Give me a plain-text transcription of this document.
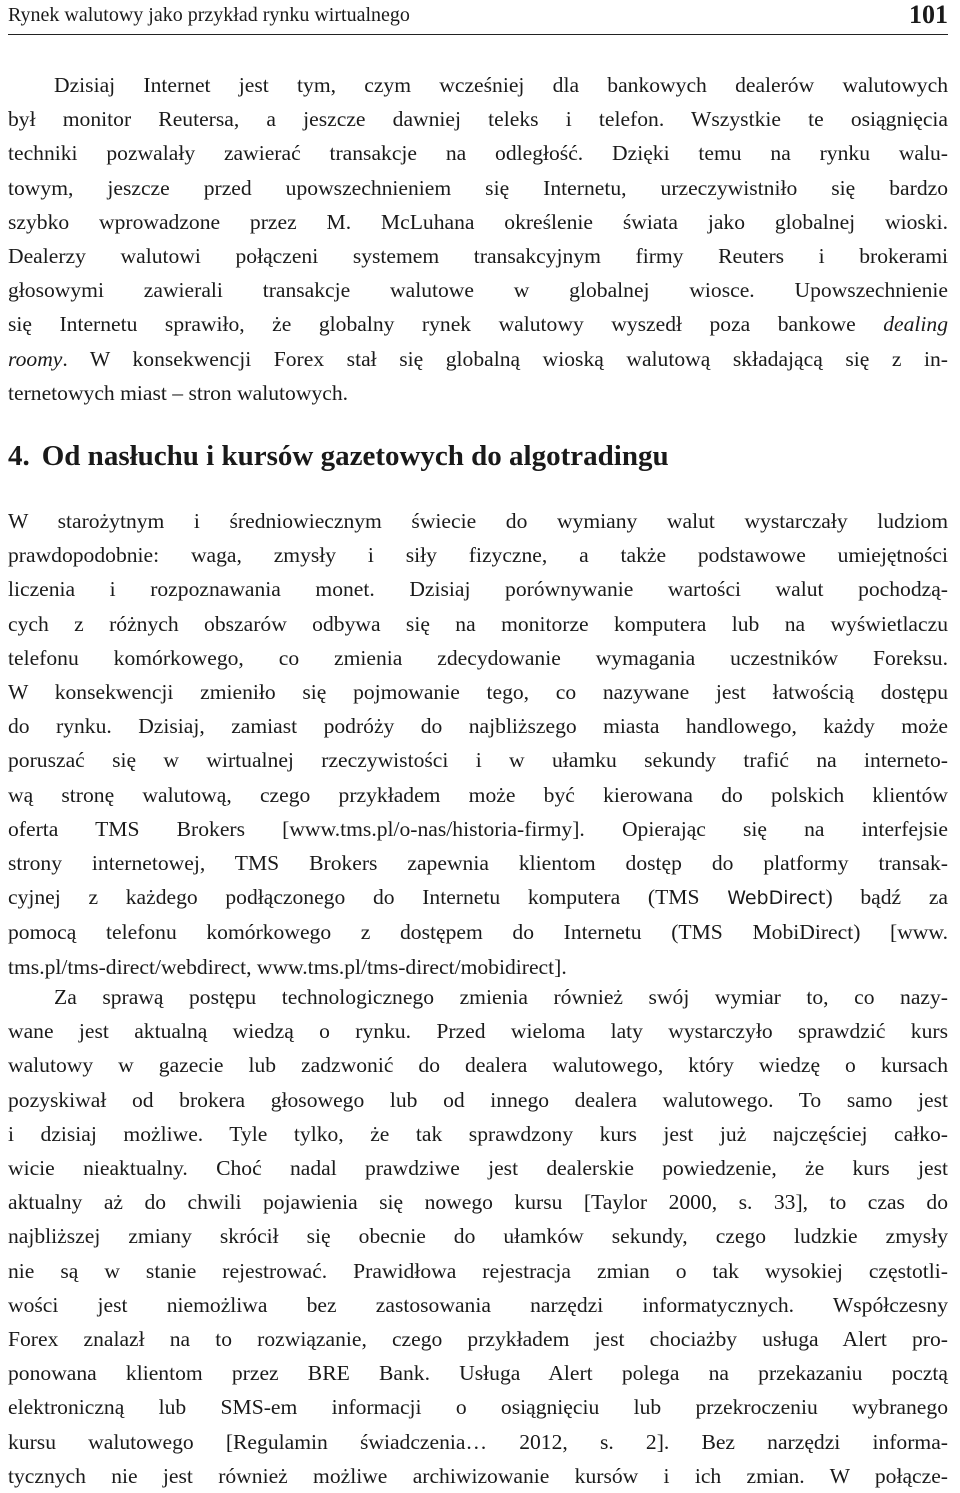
Rynek walutowy jako przykład rynku wirtualnego	101
Dzisiaj Internet jest tym, czym wcześniej dla bankowych dealerów walutowych
był monitor Reutersa, a jeszcze dawniej teleks i telefon. Wszystkie te osiągnięcia
techniki pozwalały zawierać transakcje na odległość. Dzięki temu na rynku walu-
towym, jeszcze przed upowszechnieniem się Internetu, urzeczywistniło się bardzo
szybko wprowadzone przez M. McLuhana określenie świata jako globalnej wioski.
Dealerzy walutowi połączeni systemem transakcyjnym firmy Reuters i brokerami
głosowymi zawierali transakcje walutowe w globalnej wiosce. Upowszechnienie
się Internetu sprawiło, że globalny rynek walutowy wyszedł poza bankowe dealing
roomy. W konsekwencji Forex stał się globalną wioską walutową składającą się z in-
ternetowych miast – stron walutowych.
4. Od nasłuchu i kursów gazetowych do algotradingu
W starożytnym i średniowiecznym świecie do wymiany walut wystarczały ludziom
prawdopodobnie: waga, zmysły i siły fizyczne, a także podstawowe umiejętności
liczenia i rozpoznawania monet. Dzisiaj porównywanie wartości walut pochodzą-
cych z różnych obszarów odbywa się na monitorze komputera lub na wyświetlaczu
telefonu komórkowego, co zmienia zdecydowanie wymagania uczestników Foreksu.
W konsekwencji zmieniło się pojmowanie tego, co nazywane jest łatwością dostępu
do rynku. Dzisiaj, zamiast podróży do najbliższego miasta handlowego, każdy może
poruszać się w wirtualnej rzeczywistości i w ułamku sekundy trafić na interneto-
wą stronę walutową, czego przykładem może być kierowana do polskich klientów
oferta TMS Brokers [www.tms.pl/o-nas/historia-firmy]. Opierając się na interfejsie
strony internetowej, TMS Brokers zapewnia klientom dostęp do platformy transak-
cyjnej z każdego podłączonego do Internetu komputera (TMS WebDirect) bądź za
pomocą telefonu komórkowego z dostępem do Internetu (TMS MobiDirect) [www.
tms.pl/tms-direct/webdirect, www.tms.pl/tms-direct/mobidirect].
Za sprawą postępu technologicznego zmienia również swój wymiar to, co nazy-
wane jest aktualną wiedzą o rynku. Przed wieloma laty wystarczyło sprawdzić kurs
walutowy w gazecie lub zadzwonić do dealera walutowego, który wiedzę o kursach
pozyskiwał od brokera głosowego lub od innego dealera walutowego. To samo jest
i dzisiaj możliwe. Tyle tylko, że tak sprawdzony kurs jest już najczęściej całko-
wicie nieaktualny. Choć nadal prawdziwe jest dealerskie powiedzenie, że kurs jest
aktualny aż do chwili pojawienia się nowego kursu [Taylor 2000, s. 33], to czas do
najbliższej zmiany skrócił się obecnie do ułamków sekundy, czego ludzkie zmysły
nie są w stanie rejestrować. Prawidłowa rejestracja zmian o tak wysokiej częstotli-
wości jest niemożliwa bez zastosowania narzędzi informatycznych. Współczesny
Forex znalazł na to rozwiązanie, czego przykładem jest chociażby usługa Alert pro-
ponowana klientom przez BRE Bank. Usługa Alert polega na przekazaniu pocztą
elektroniczną lub SMS-em informacji o osiągnięciu lub przekroczeniu wybranego
kursu walutowego [Regulamin świadczenia… 2012, s. 2]. Bez narzędzi informa-
tycznych nie jest również możliwe archiwizowanie kursów i ich zmian. W połącze-
